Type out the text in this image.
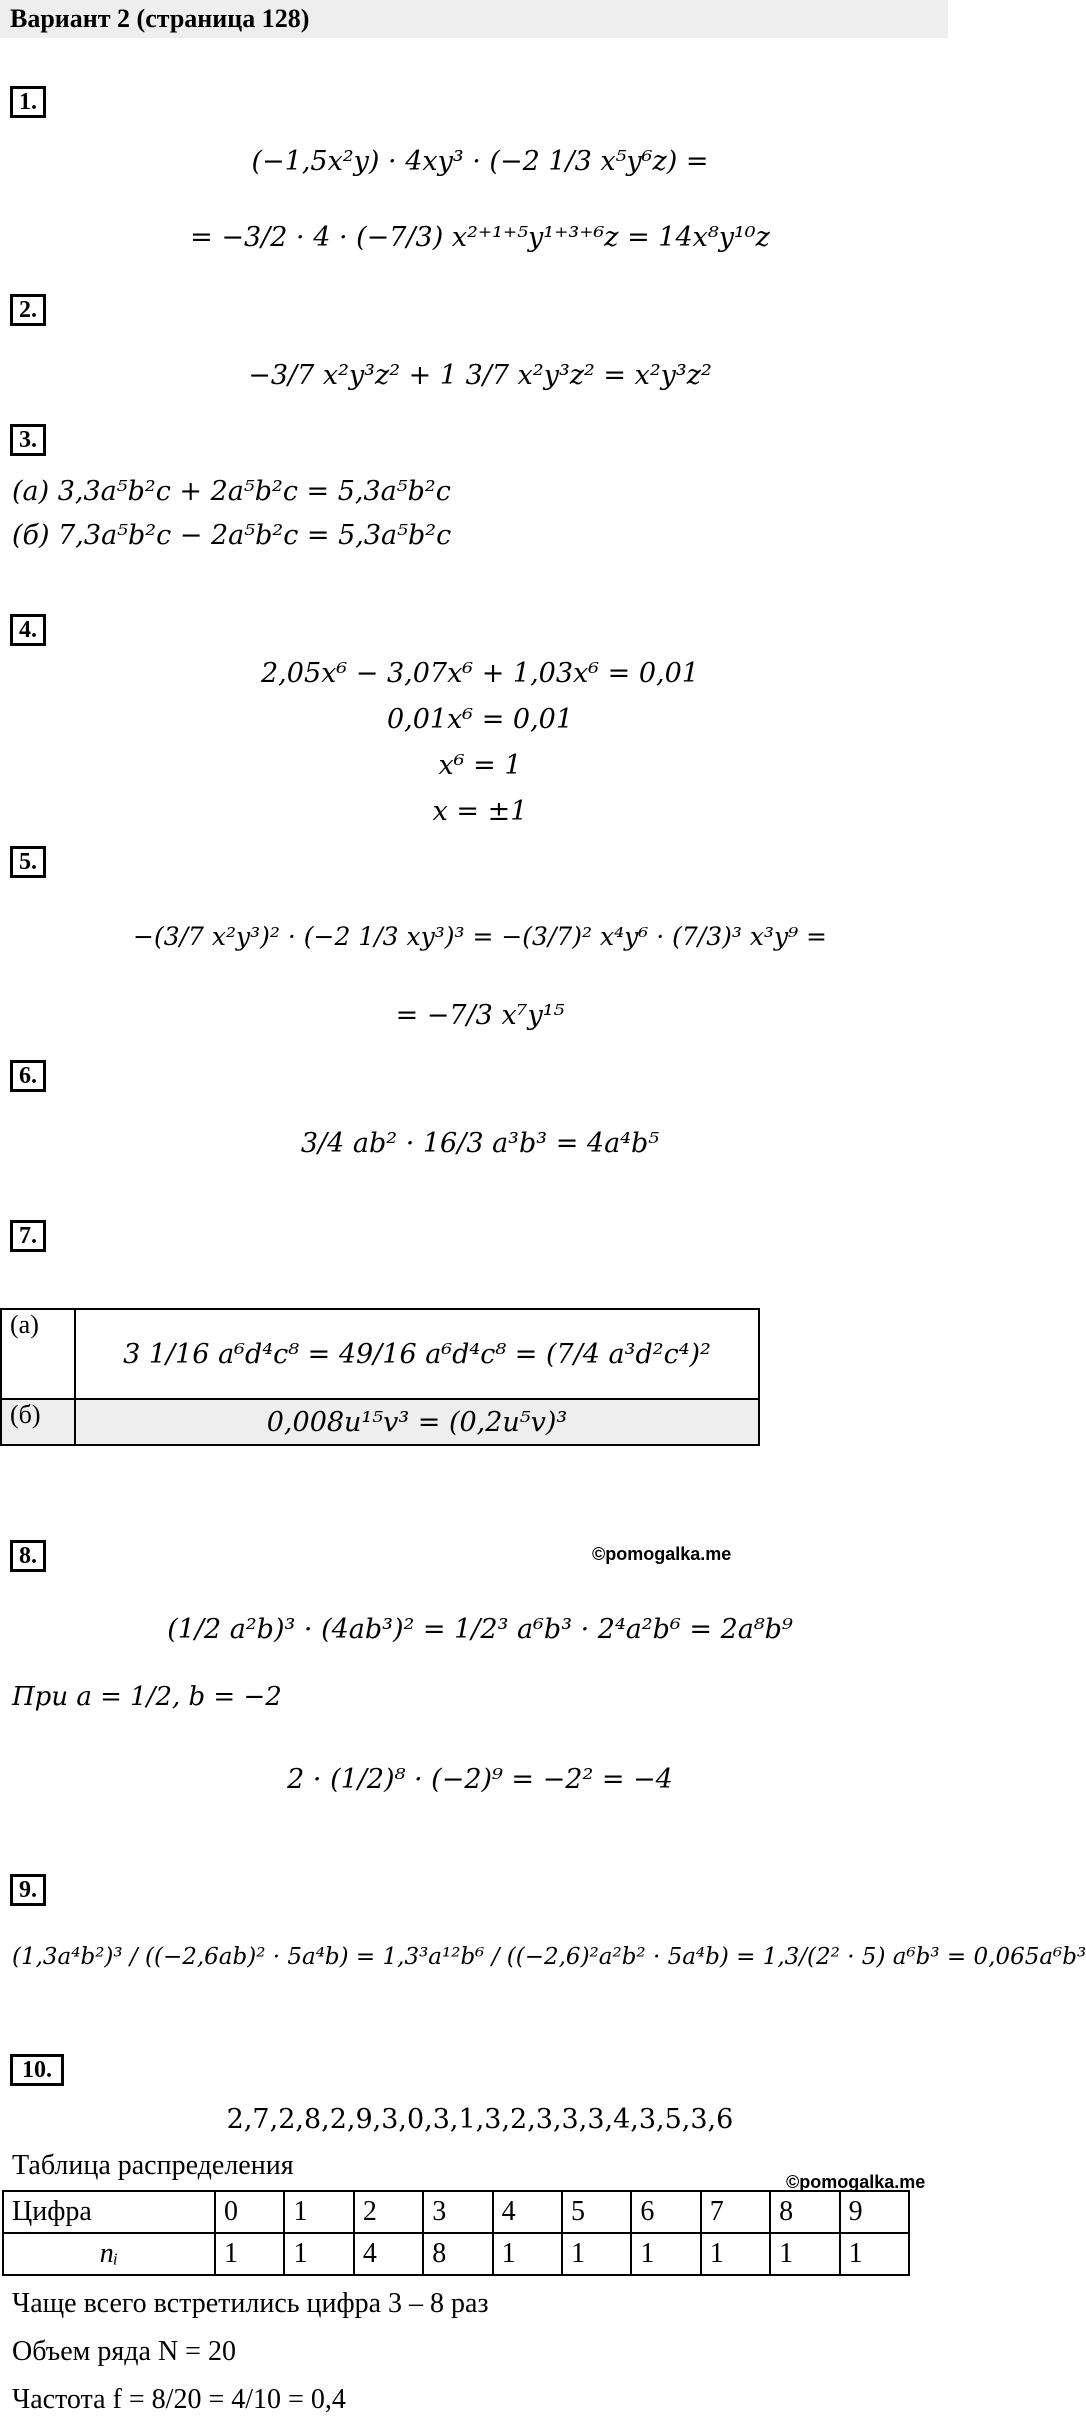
Вариант 2 (страница 128)
1.
(−1,5x²y) · 4xy³ · (−2 1/3 x⁵y⁶z) =
= −3/2 · 4 · (−7/3) x²⁺¹⁺⁵y¹⁺³⁺⁶z = 14x⁸y¹⁰z
2.
−3/7 x²y³z² + 1 3/7 x²y³z² = x²y³z²
3.
(а) 3,3a⁵b²c + 2a⁵b²c = 5,3a⁵b²c
(б) 7,3a⁵b²c − 2a⁵b²c = 5,3a⁵b²c
4.
2,05x⁶ − 3,07x⁶ + 1,03x⁶ = 0,01
0,01x⁶ = 0,01
x⁶ = 1
x = ±1
5.
−(3/7 x²y³)² · (−2 1/3 xy³)³ = −(3/7)² x⁴y⁶ · (7/3)³ x³y⁹ =
= −7/3 x⁷y¹⁵
6.
3/4 ab² · 16/3 a³b³ = 4a⁴b⁵
7.
(а)	3 1/16 a⁶d⁴c⁸ = 49/16 a⁶d⁴c⁸ = (7/4 a³d²c⁴)²
(б)	0,008u¹⁵v³ = (0,2u⁵v)³
8.	©pomogalka.me
(1/2 a²b)³ · (4ab³)² = 1/2³ a⁶b³ · 2⁴a²b⁶ = 2a⁸b⁹
При a = 1/2, b = −2
2 · (1/2)⁸ · (−2)⁹ = −2² = −4
9.
(1,3a⁴b²)³ / ((−2,6ab)² · 5a⁴b) = 1,3³a¹²b⁶ / ((−2,6)²a²b² · 5a⁴b) = 1,3/(2² · 5) a⁶b³ = 0,065a⁶b³
10.
2,7,2,8,2,9,3,0,3,1,3,2,3,3,3,4,3,5,3,6
Таблица распределения
©pomogalka.me
Цифра	0	1	2	3	4	5	6	7	8	9
nᵢ	1	1	4	8	1	1	1	1	1	1
Чаще всего встретились цифра 3 – 8 раз
Объем ряда N = 20
Частота f = 8/20 = 4/10 = 0,4
